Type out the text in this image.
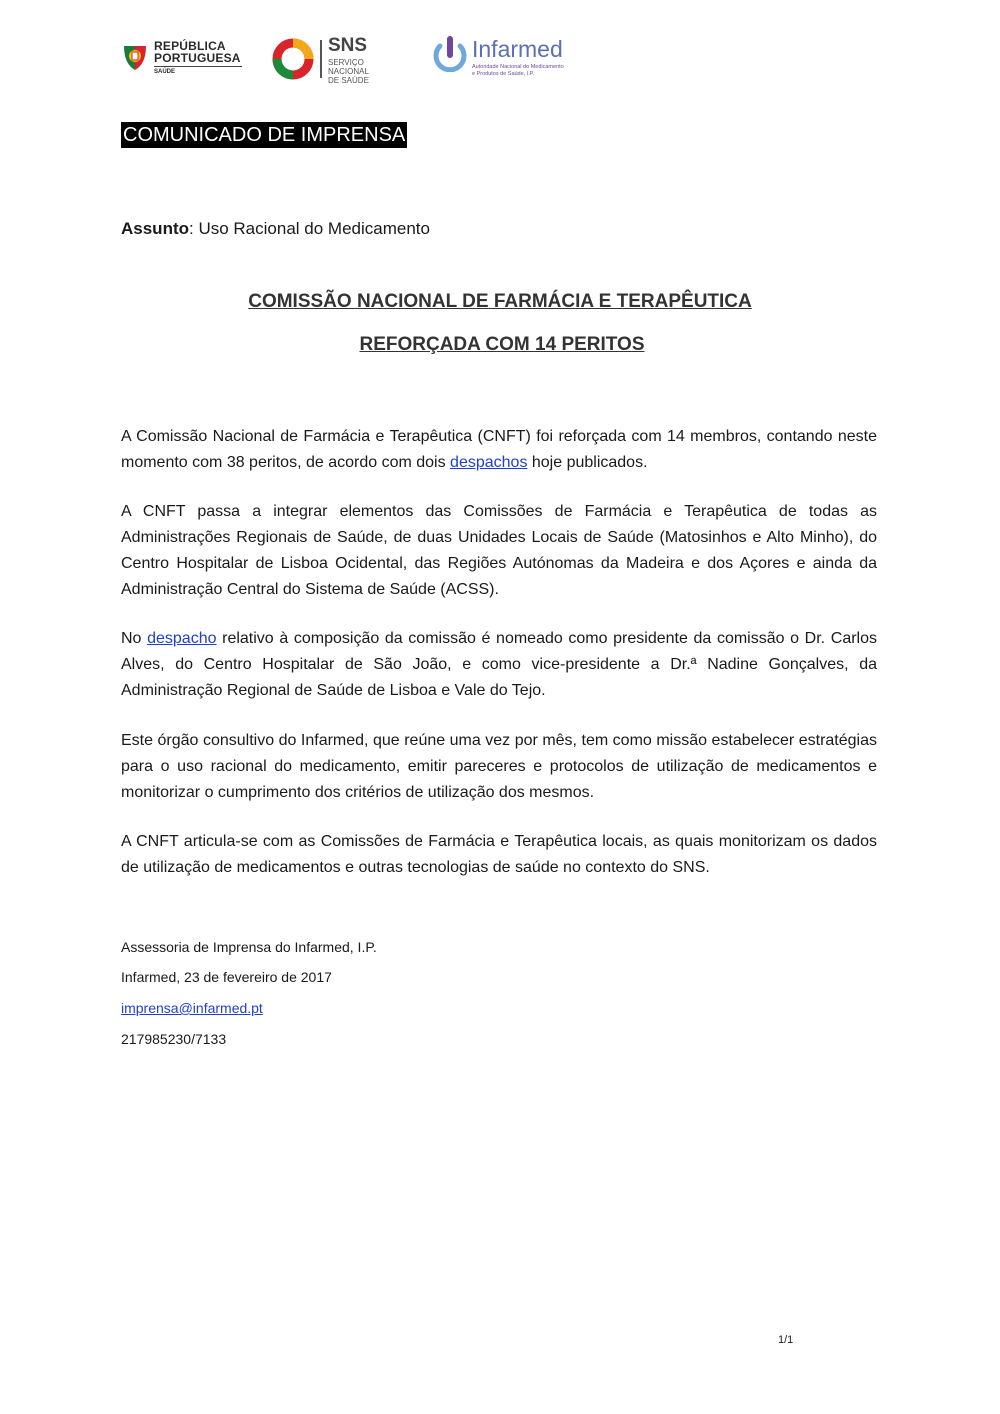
REPÚBLICA
PORTUGUESA
SAÚDE
SNS
SERVIÇO NACIONAL
DE SAÚDE
Infarmed
Autoridade Nacional do Medicamento
e Produtos de Saúde, I.P.
COMUNICADO DE IMPRENSA
Assunto: Uso Racional do Medicamento
COMISSÃO NACIONAL DE FARMÁCIA E TERAPÊUTICA
REFORÇADA COM 14 PERITOS
A Comissão Nacional de Farmácia e Terapêutica (CNFT) foi reforçada com 14 membros, contando neste momento com 38 peritos, de acordo com dois despachos hoje publicados.
A CNFT passa a integrar elementos das Comissões de Farmácia e Terapêutica de todas as Administrações Regionais de Saúde, de duas Unidades Locais de Saúde (Matosinhos e Alto Minho), do Centro Hospitalar de Lisboa Ocidental, das Regiões Autónomas da Madeira e dos Açores e ainda da Administração Central do Sistema de Saúde (ACSS).
No despacho relativo à composição da comissão é nomeado como presidente da comissão o Dr. Carlos Alves, do Centro Hospitalar de São João, e como vice-presidente a Dr.ª Nadine Gonçalves, da Administração Regional de Saúde de Lisboa e Vale do Tejo.
Este órgão consultivo do Infarmed, que reúne uma vez por mês, tem como missão estabelecer estratégias para o uso racional do medicamento, emitir pareceres e protocolos de utilização de medicamentos e monitorizar o cumprimento dos critérios de utilização dos mesmos.
A CNFT articula-se com as Comissões de Farmácia e Terapêutica locais, as quais monitorizam os dados de utilização de medicamentos e outras tecnologias de saúde no contexto do SNS.
Assessoria de Imprensa do Infarmed, I.P.
Infarmed, 23 de fevereiro de 2017
imprensa@infarmed.pt
217985230/7133
1/1
